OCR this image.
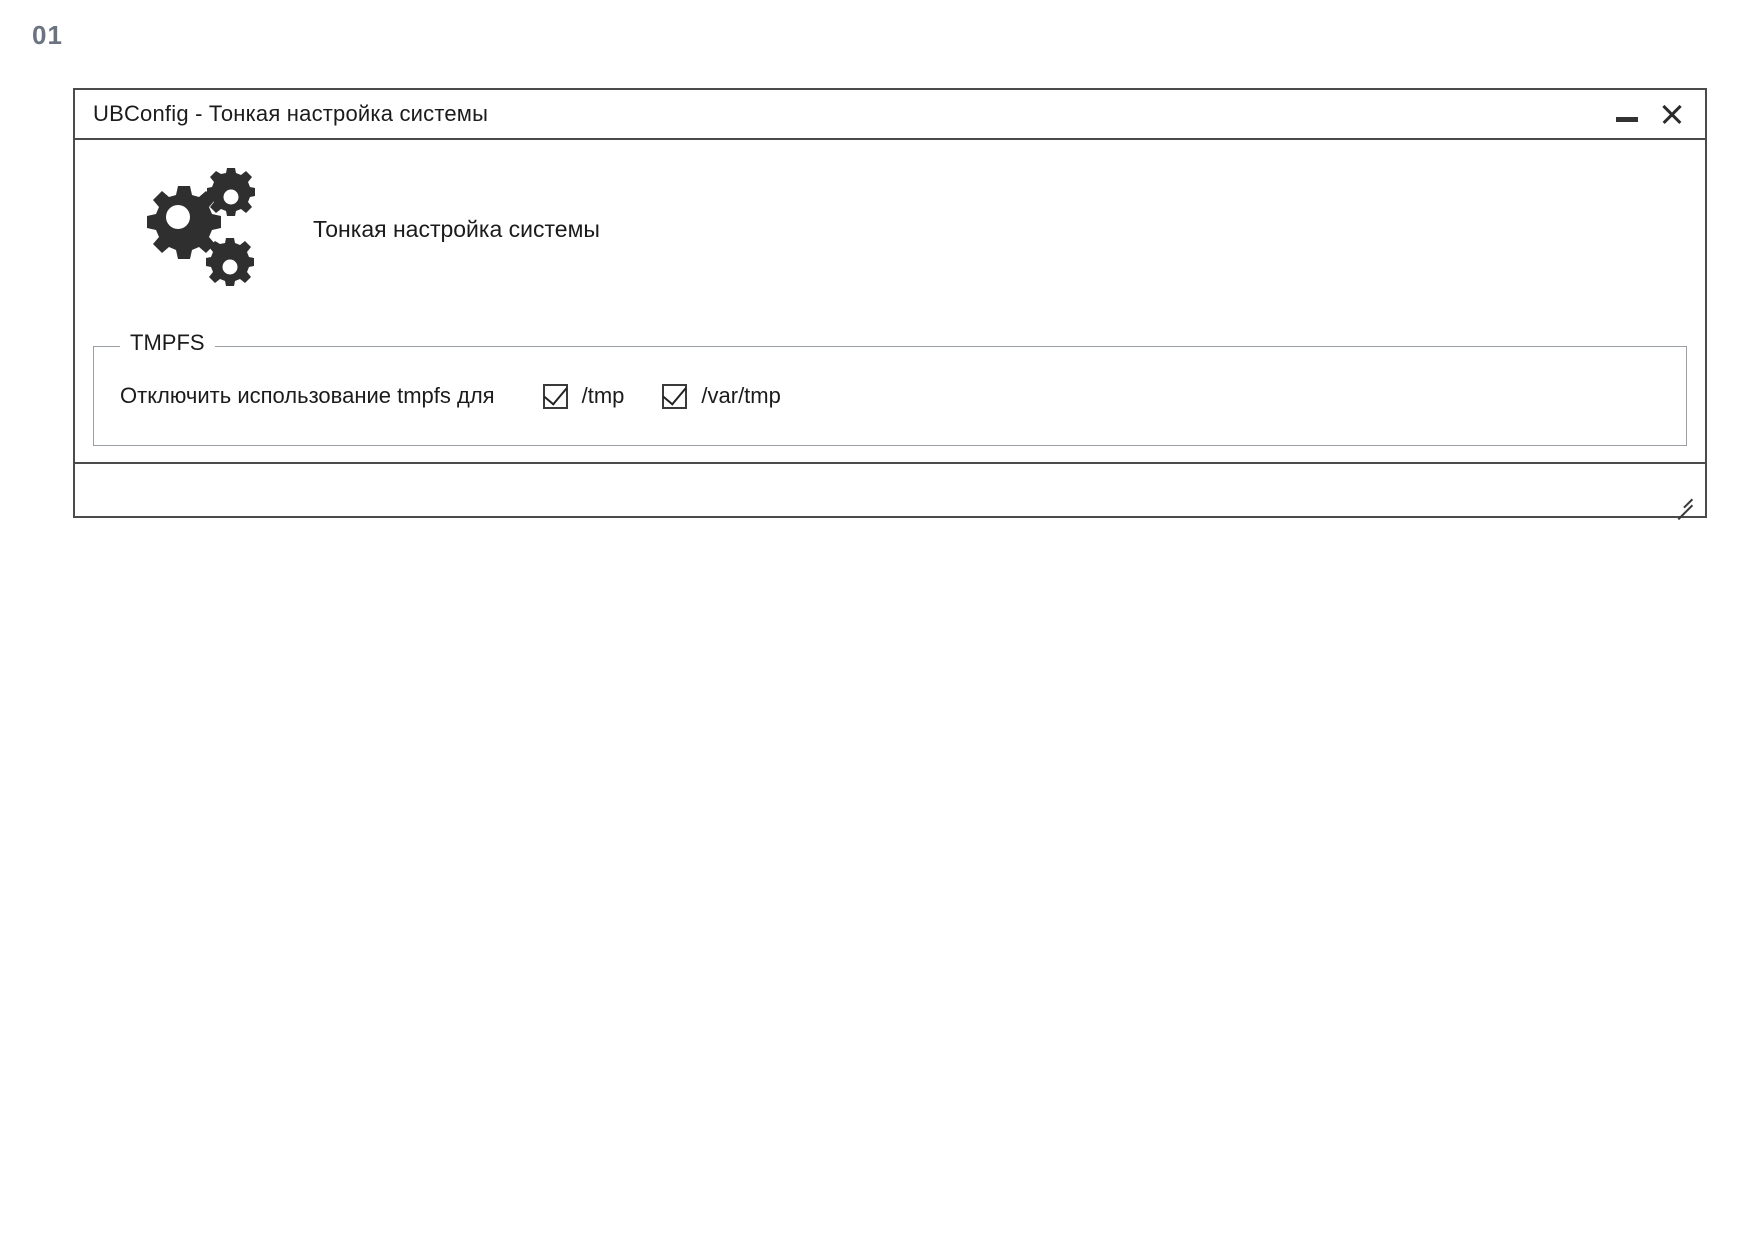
01
UBConfig - Тонкая настройка системы
Тонкая настройка системы
TMPFS
Отключить использование tmpfs для	/tmp	/var/tmp
